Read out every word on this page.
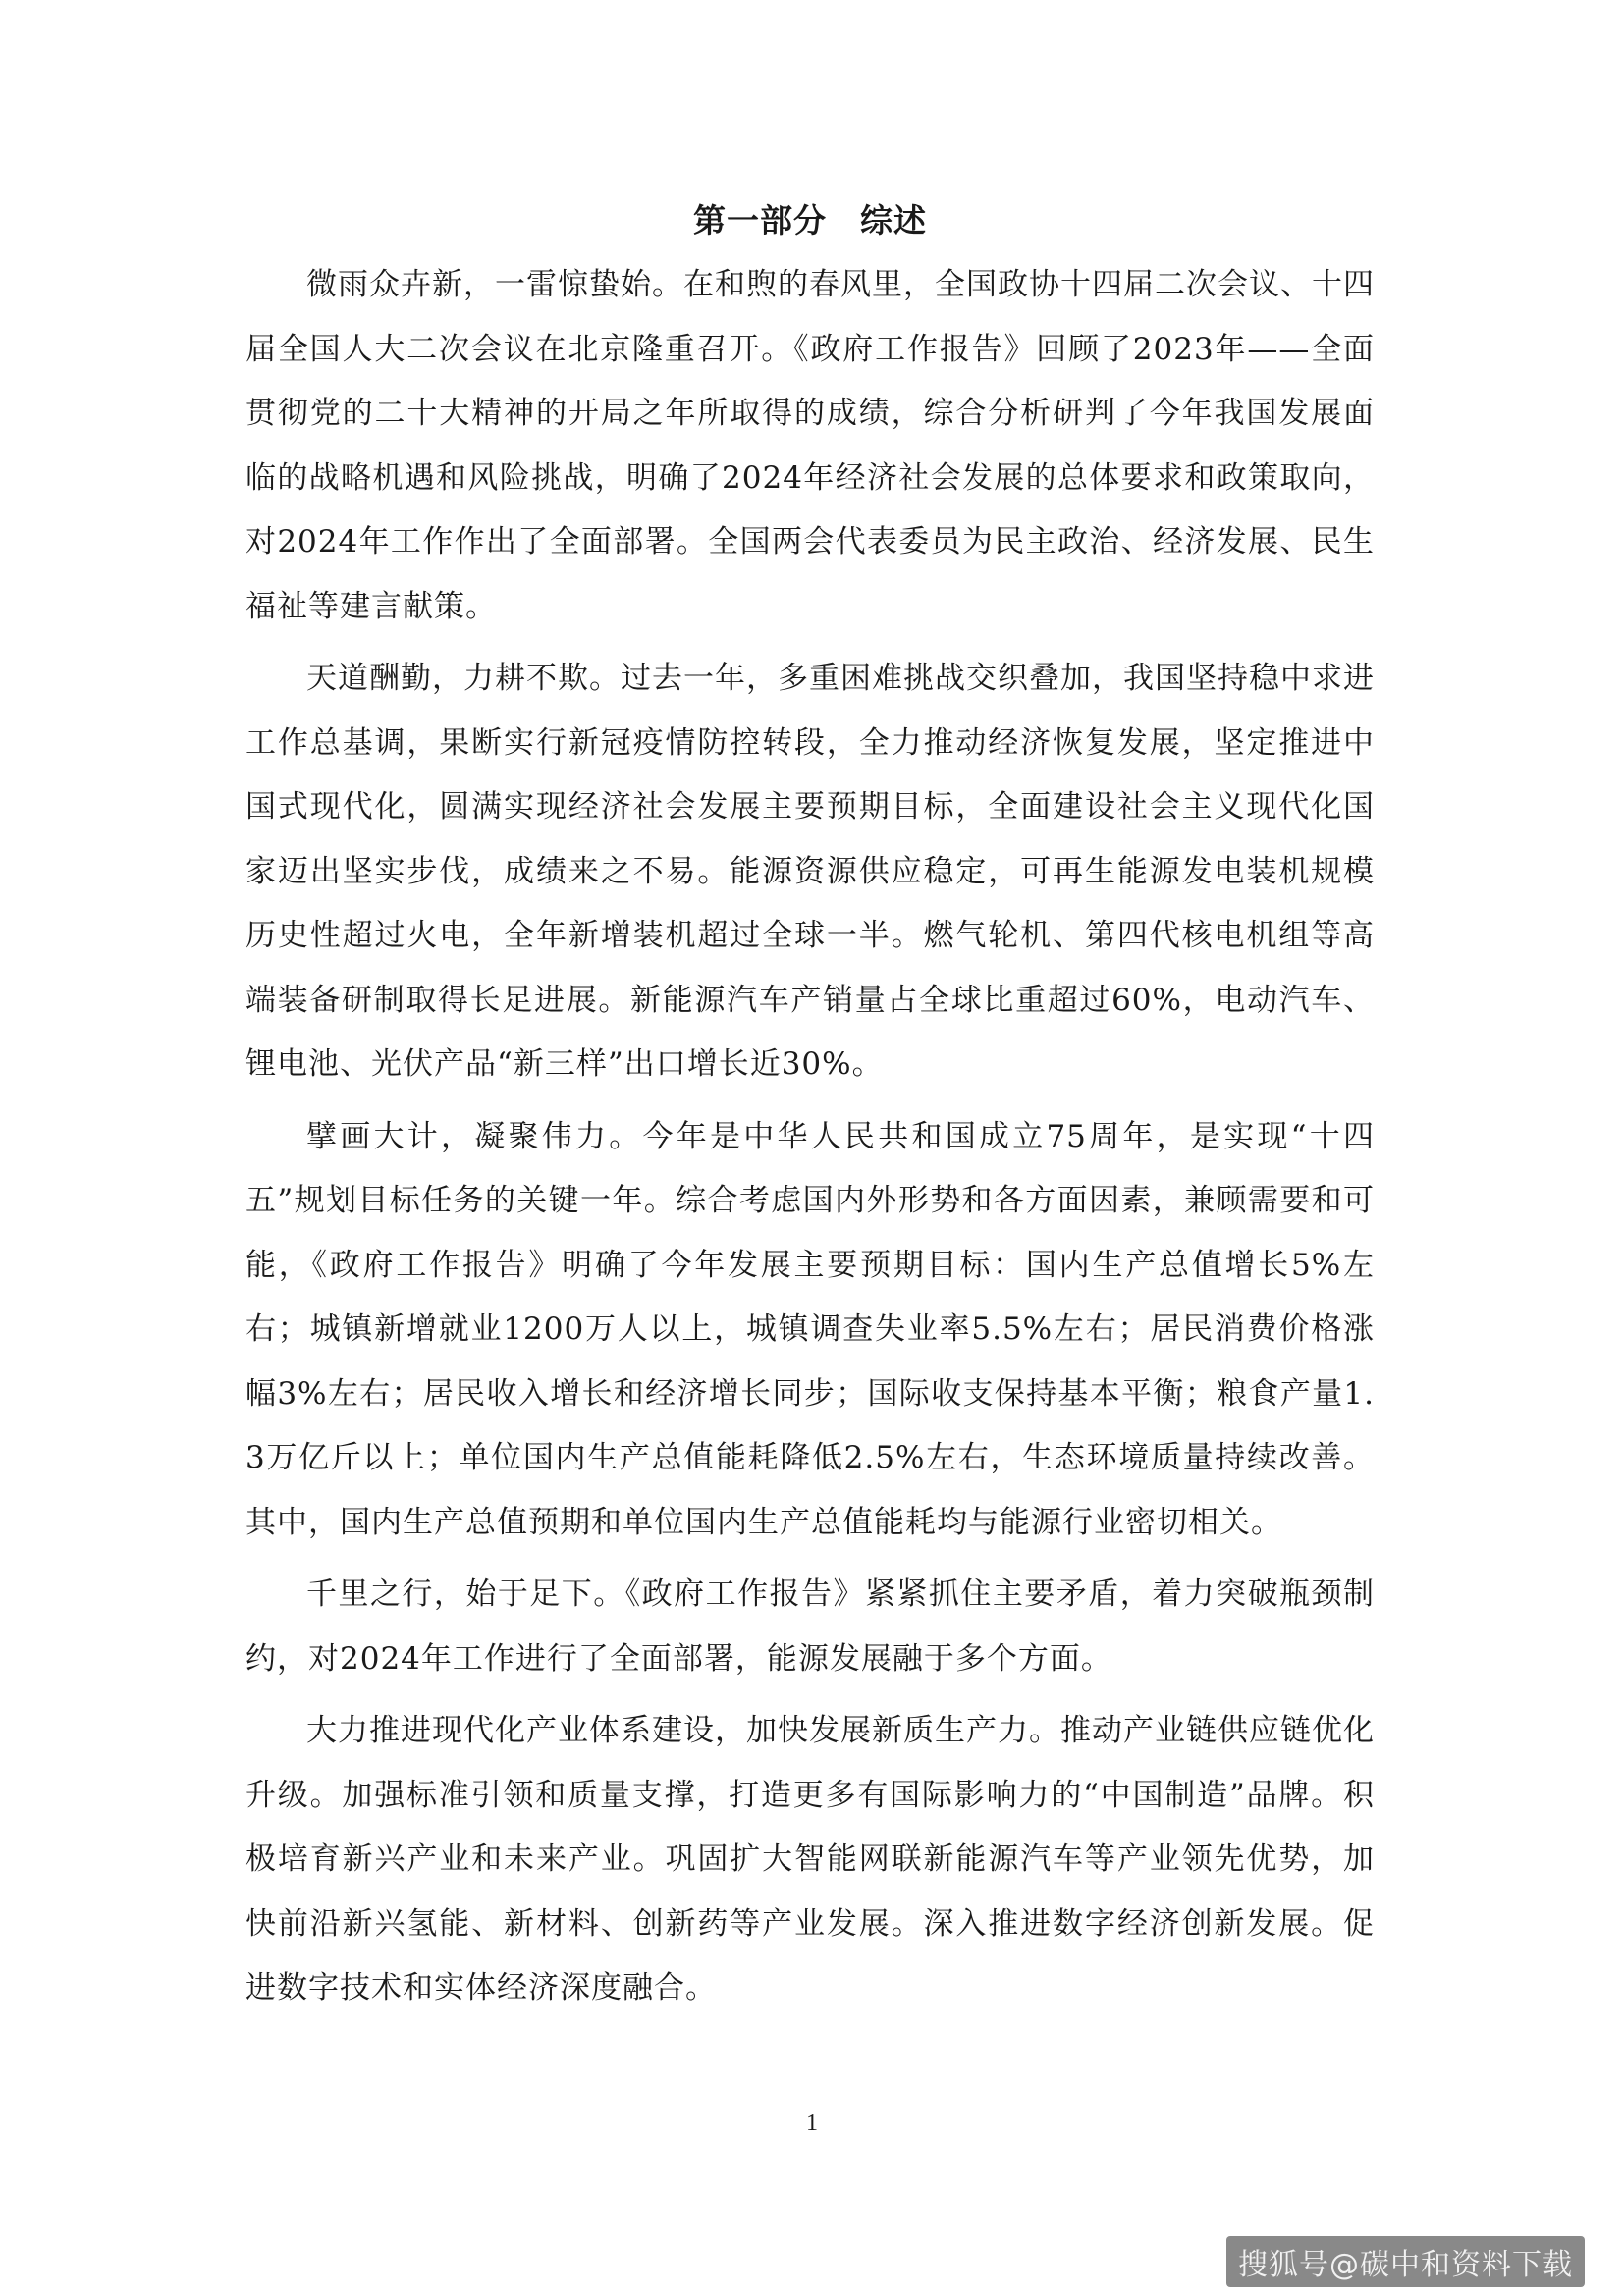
第一部分　综述

微雨众卉新，一雷惊蛰始。在和煦的春风里，全国政协十四届二次会议、十四届全国人大二次会议在北京隆重召开。《政府工作报告》回顾了2023年——全面贯彻党的二十大精神的开局之年所取得的成绩，综合分析研判了今年我国发展面临的战略机遇和风险挑战，明确了2024年经济社会发展的总体要求和政策取向，对2024年工作作出了全面部署。全国两会代表委员为民主政治、经济发展、民生福祉等建言献策。

天道酬勤，力耕不欺。过去一年，多重困难挑战交织叠加，我国坚持稳中求进工作总基调，果断实行新冠疫情防控转段，全力推动经济恢复发展，坚定推进中国式现代化，圆满实现经济社会发展主要预期目标，全面建设社会主义现代化国家迈出坚实步伐，成绩来之不易。能源资源供应稳定，可再生能源发电装机规模历史性超过火电，全年新增装机超过全球一半。燃气轮机、第四代核电机组等高端装备研制取得长足进展。新能源汽车产销量占全球比重超过60%，电动汽车、锂电池、光伏产品“新三样”出口增长近30%。

擘画大计，凝聚伟力。今年是中华人民共和国成立75周年，是实现“十四五”规划目标任务的关键一年。综合考虑国内外形势和各方面因素，兼顾需要和可能，《政府工作报告》明确了今年发展主要预期目标：国内生产总值增长5%左右；城镇新增就业1200万人以上，城镇调查失业率5.5%左右；居民消费价格涨幅3%左右；居民收入增长和经济增长同步；国际收支保持基本平衡；粮食产量1.3万亿斤以上；单位国内生产总值能耗降低2.5%左右，生态环境质量持续改善。其中，国内生产总值预期和单位国内生产总值能耗均与能源行业密切相关。

千里之行，始于足下。《政府工作报告》紧紧抓住主要矛盾，着力突破瓶颈制约，对2024年工作进行了全面部署，能源发展融于多个方面。

大力推进现代化产业体系建设，加快发展新质生产力。推动产业链供应链优化升级。加强标准引领和质量支撑，打造更多有国际影响力的“中国制造”品牌。积极培育新兴产业和未来产业。巩固扩大智能网联新能源汽车等产业领先优势，加快前沿新兴氢能、新材料、创新药等产业发展。深入推进数字经济创新发展。促进数字技术和实体经济深度融合。

1
搜狐号@碳中和资料下载
